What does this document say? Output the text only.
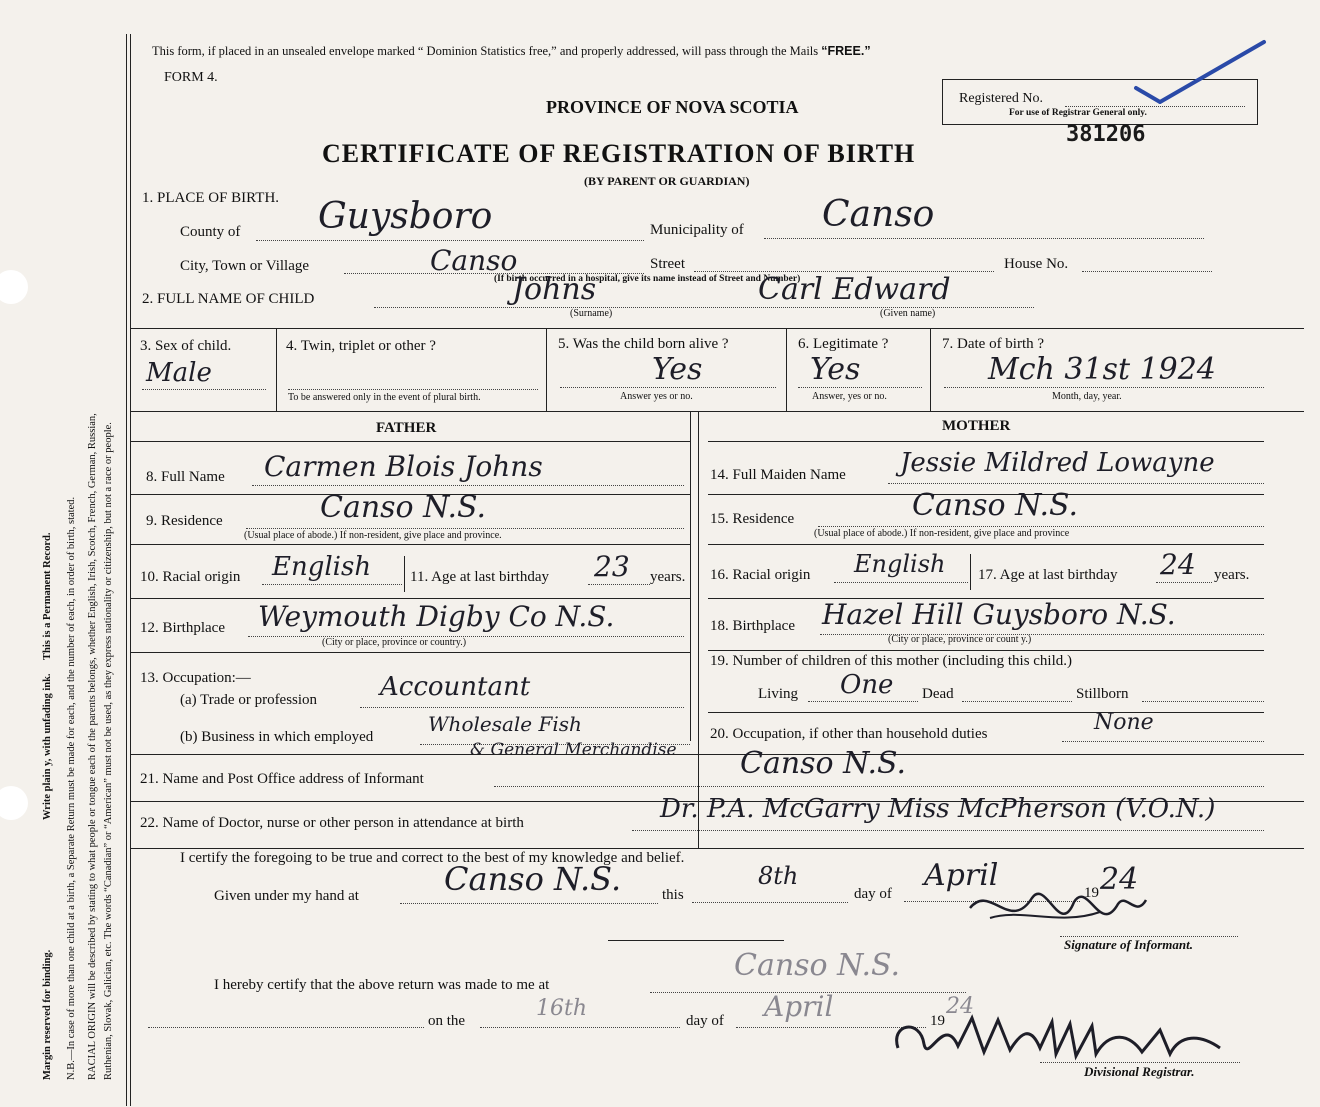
Margin reserved for binding.
Write plain y, with unfading ink.
This is a Permanent Record. N.B.—In case of more than one child at a birth, a Separate Return must be made for each, and the number of each, in order of birth, stated. RACIAL ORIGIN will be described by stating to what people or tongue each of the parents belongs, whether English, Irish, Scotch, French, German, Russian, Ruthenian, Slovak, Galician, etc. The words “Canadian” or “American” must not be used, as they express nationality or citizenship, but not a race or people.
This form, if placed in an unsealed envelope marked “ Dominion Statistics free,” and properly addressed, will pass through the Mails “FREE.”
FORM 4.
PROVINCE OF NOVA SCOTIA
CERTIFICATE OF REGISTRATION OF BIRTH
(BY PARENT OR GUARDIAN)
Registered No.
For use of Registrar General only.
381206
1. PLACE OF BIRTH.
County of Guysboro	Municipality of Canso
City, Town or Village	Canso	Street
(If birth occurred in a hospital, give its name instead of Street and Number)
House No.
2. FULL NAME OF CHILD	Johns	Carl Edward
(Surname)	(Given name)
3. Sex of child.
Male
4. Twin, triplet or other ?
To be answered only in the event of plural birth.
5. Was the child born alive ?
Yes
Answer yes or no.
6. Legitimate ?
Yes
Answer, yes or no.
7. Date of birth ?
Mch 31st 1924
Month, day, year.
FATHER	MOTHER
8. Full Name Carmen Blois Johns
9. Residence	Canso N.S.
(Usual place of abode.) If non-resident, give place and province.
10. Racial origin English	11. Age at last birthday 23 years.
12. Birthplace Weymouth Digby Co N.S.
(City or place, province or country.)
13. Occupation:—
(a) Trade or profession Accountant
(b) Business in which employed
Wholesale Fish
& General Merchandise
14. Full Maiden Name Jessie Mildred Lowayne
15. Residence	Canso N.S.
(Usual place of abode.) If non-resident, give place and province
16. Racial origin English 17. Age at last birthday 24 years.
18. Birthplace Hazel Hill Guysboro N.S.
(City or place, province or count y.)
19. Number of children of this mother (including this child.)
Living One Dead	Stillborn
20. Occupation, if other than household duties	None
21. Name and Post Office address of Informant	Canso N.S.
22. Name of Doctor, nurse or other person in attendance at birth	Dr. P.A. McGarry Miss McPherson (V.O.N.)
I certify the foregoing to be true and correct to the best of my knowledge and belief.
Given under my hand at	Canso N.S.	this
8th
day of
April	19 24
Signature of Informant.
I hereby certify that the above return was made to me at
Canso N.S.
on the	16th	day of April	19
24
Divisional Registrar.
